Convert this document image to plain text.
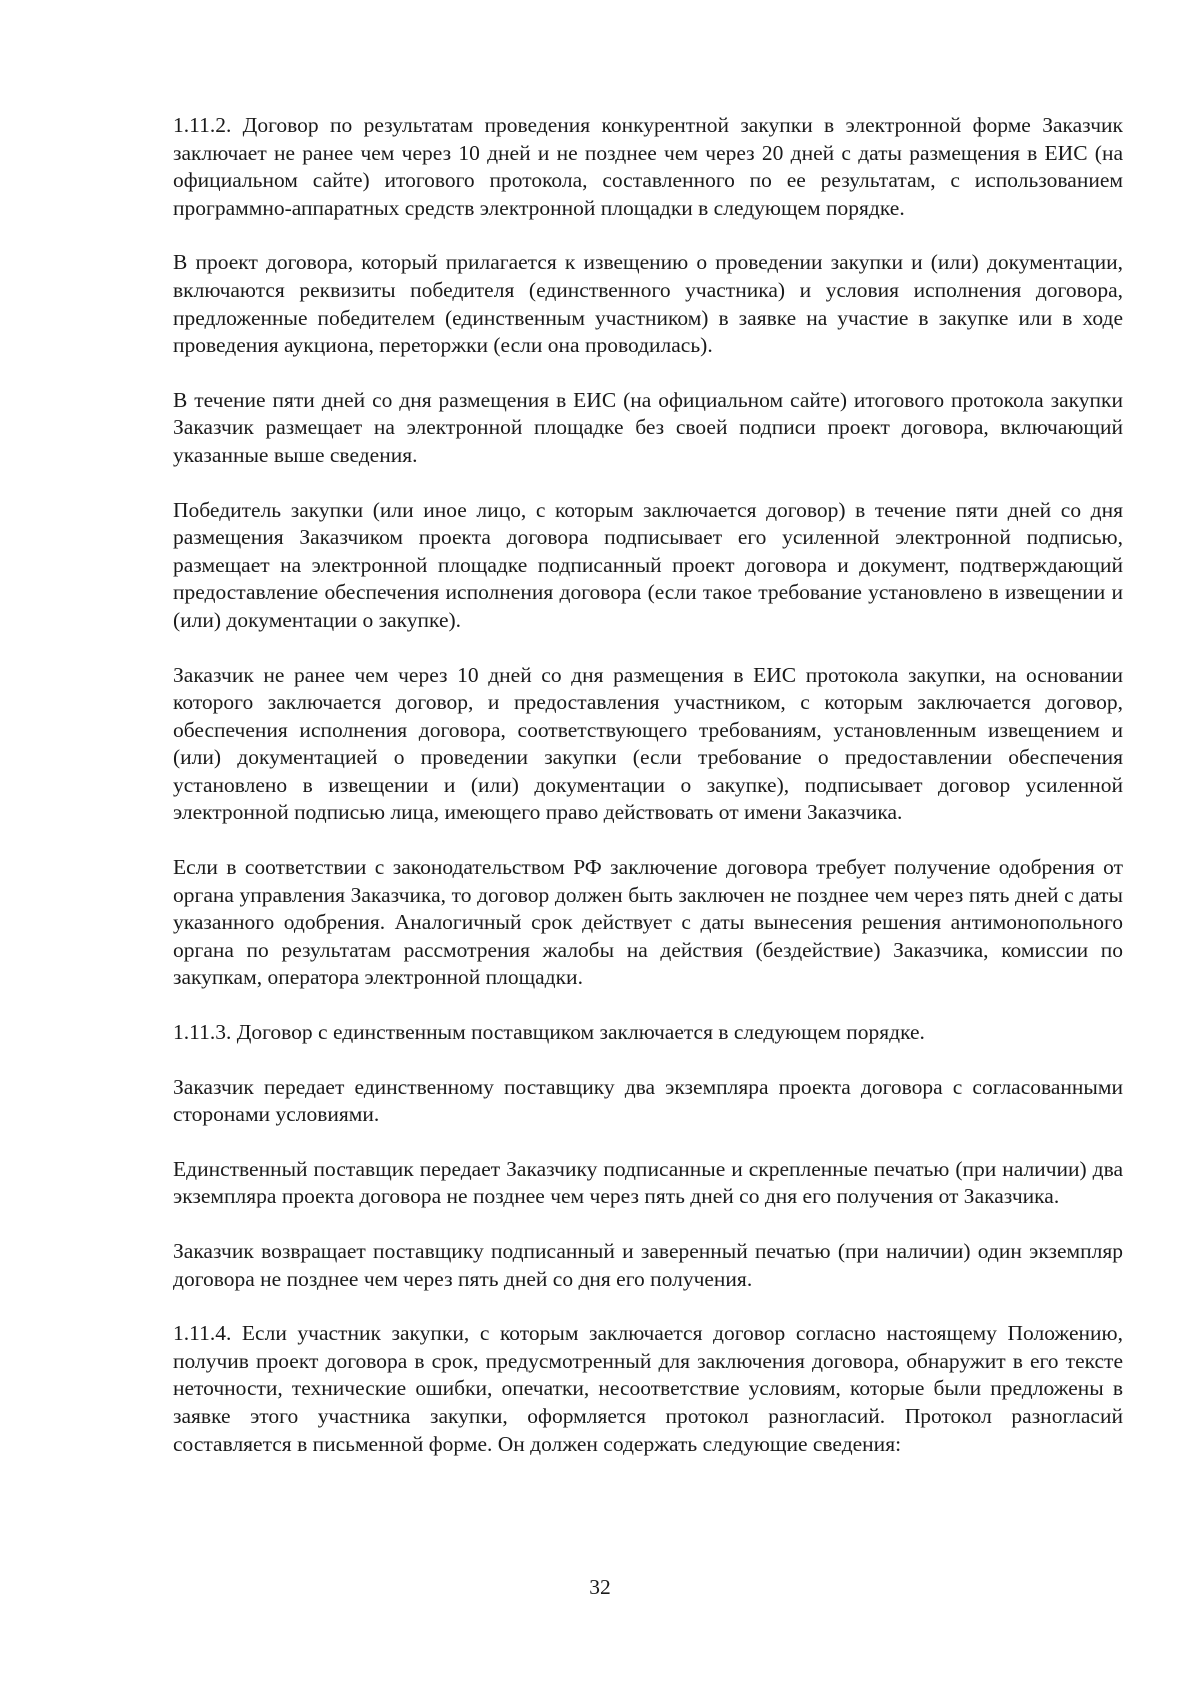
1.11.2. Договор по результатам проведения конкурентной закупки в электронной форме Заказчик заключает не ранее чем через 10 дней и не позднее чем через 20 дней с даты размещения в ЕИС (на официальном сайте) итогового протокола, составленного по ее результатам, с использованием программно-аппаратных средств электронной площадки в следующем порядке.

В проект договора, который прилагается к извещению о проведении закупки и (или) документации, включаются реквизиты победителя (единственного участника) и условия исполнения договора, предложенные победителем (единственным участником) в заявке на участие в закупке или в ходе проведения аукциона, переторжки (если она проводилась).

В течение пяти дней со дня размещения в ЕИС (на официальном сайте) итогового протокола закупки Заказчик размещает на электронной площадке без своей подписи проект договора, включающий указанные выше сведения.

Победитель закупки (или иное лицо, с которым заключается договор) в течение пяти дней со дня размещения Заказчиком проекта договора подписывает его усиленной электронной подписью, размещает на электронной площадке подписанный проект договора и документ, подтверждающий предоставление обеспечения исполнения договора (если такое требование установлено в извещении и (или) документации о закупке).

Заказчик не ранее чем через 10 дней со дня размещения в ЕИС протокола закупки, на основании которого заключается договор, и предоставления участником, с которым заключается договор, обеспечения исполнения договора, соответствующего требованиям, установленным извещением и (или) документацией о проведении закупки (если требование о предоставлении обеспечения установлено в извещении и (или) документации о закупке), подписывает договор усиленной электронной подписью лица, имеющего право действовать от имени Заказчика.

Если в соответствии с законодательством РФ заключение договора требует получение одобрения от органа управления Заказчика, то договор должен быть заключен не позднее чем через пять дней с даты указанного одобрения. Аналогичный срок действует с даты вынесения решения антимонопольного органа по результатам рассмотрения жалобы на действия (бездействие) Заказчика, комиссии по закупкам, оператора электронной площадки.

1.11.3. Договор с единственным поставщиком заключается в следующем порядке.

Заказчик передает единственному поставщику два экземпляра проекта договора с согласованными сторонами условиями.

Единственный поставщик передает Заказчику подписанные и скрепленные печатью (при наличии) два экземпляра проекта договора не позднее чем через пять дней со дня его получения от Заказчика.

Заказчик возвращает поставщику подписанный и заверенный печатью (при наличии) один экземпляр договора не позднее чем через пять дней со дня его получения.

1.11.4. Если участник закупки, с которым заключается договор согласно настоящему Положению, получив проект договора в срок, предусмотренный для заключения договора, обнаружит в его тексте неточности, технические ошибки, опечатки, несоответствие условиям, которые были предложены в заявке этого участника закупки, оформляется протокол разногласий. Протокол разногласий составляется в письменной форме. Он должен содержать следующие сведения:

32
